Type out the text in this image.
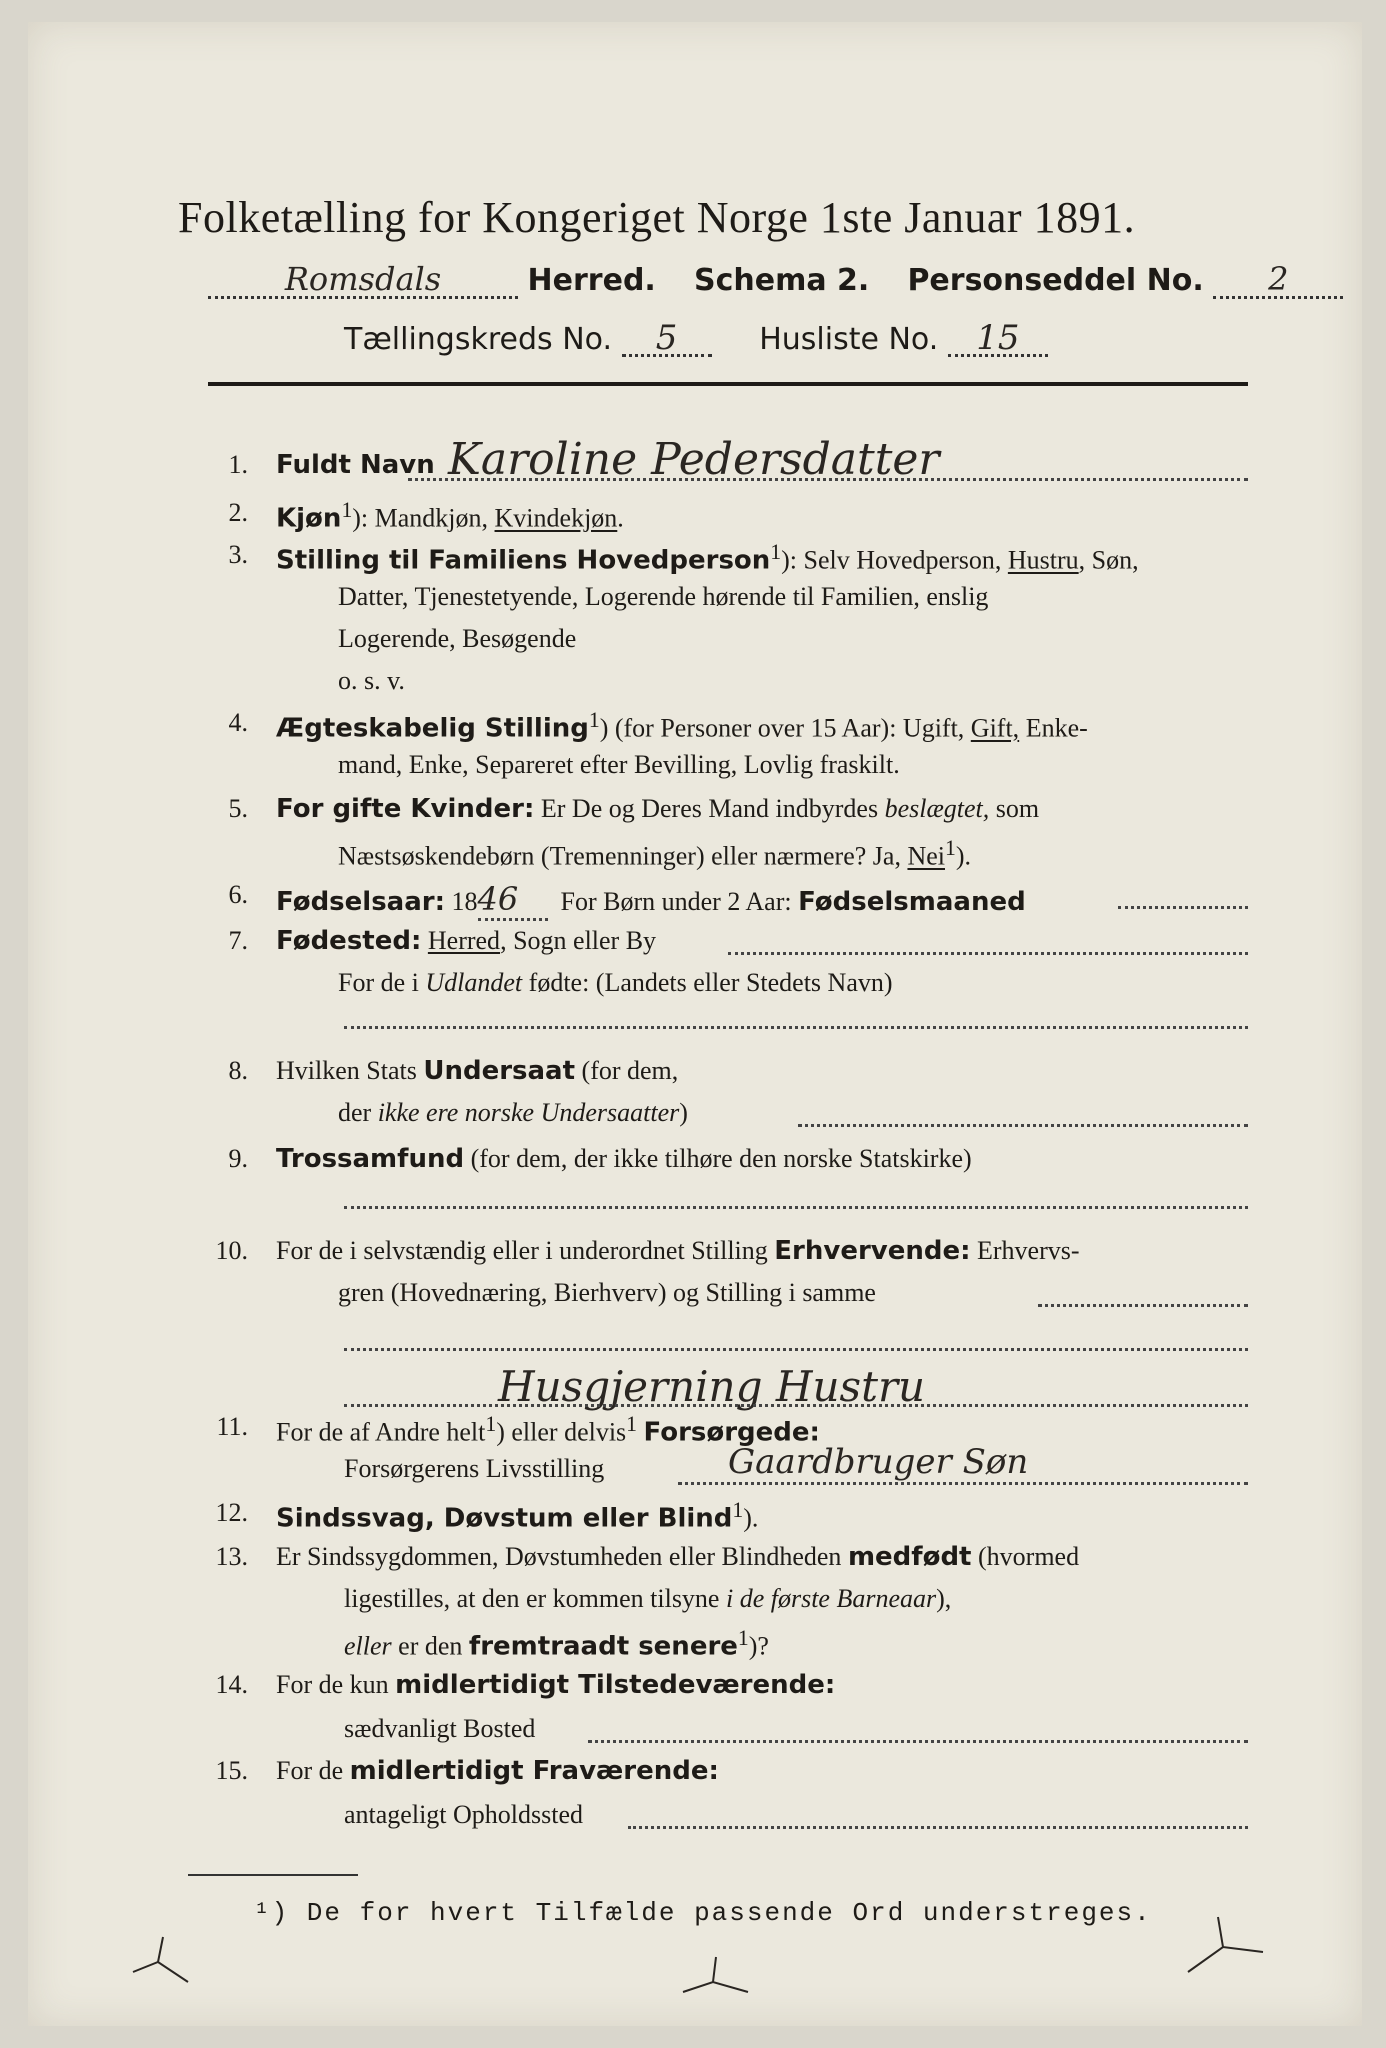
Folketælling for Kongeriget Norge 1ste Januar 1891.
Romsdals	Herred. Schema 2. Personseddel No. 2
Tællingskreds No. 5	Husliste No. 15
1. Fuldt Navn Karoline Pedersdatter
2. Kjøn$^1$): Mandkjøn, Kvindekjøn.
3. Stilling til Familiens Hovedperson$^1$): Selv Hovedperson, Hustru, Søn,
Datter, Tjenestetyende, Logerende hørende til Familien, enslig
Logerende, Besøgende
o. s. v.
4. Ægteskabelig Stilling$^1$) (for Personer over 15 Aar): Ugift, Gift, Enke-
mand, Enke, Separeret efter Bevilling, Lovlig fraskilt.
5. For gifte Kvinder: Er De og Deres Mand indbyrdes beslægtet, som
Næstsøskendebørn (Tremenninger) eller nærmere? Ja, Nei$^1$).
6. Fødselsaar: 1846 For Børn under 2 Aar: Fødselsmaaned
7. Fødested: Herred, Sogn eller By
For de i Udlandet fødte: (Landets eller Stedets Navn)
8. Hvilken Stats Undersaat (for dem,
der ikke ere norske Undersaatter)
9. Trossamfund (for dem, der ikke tilhøre den norske Statskirke)
10. For de i selvstændig eller i underordnet Stilling Erhvervende: Erhvervs-
gren (Hovednæring, Bierhverv) og Stilling i samme
Husgjerning Hustru
11. For de af Andre helt$^1$) eller delvis$^1$ Forsørgede:
Forsørgerens Livsstilling	Gaardbruger Søn
12. Sindssvag, Døvstum eller Blind$^1$).
13. Er Sindssygdommen, Døvstumheden eller Blindheden medfødt (hvormed
ligestilles, at den er kommen tilsyne i de første Barneaar),
eller er den fremtraadt senere$^1$)?
14. For de kun midlertidigt Tilstedeværende:
sædvanligt Bosted
15. For de midlertidigt Fraværende:
antageligt Opholdssted
¹) De for hvert Tilfælde passende Ord understreges.
